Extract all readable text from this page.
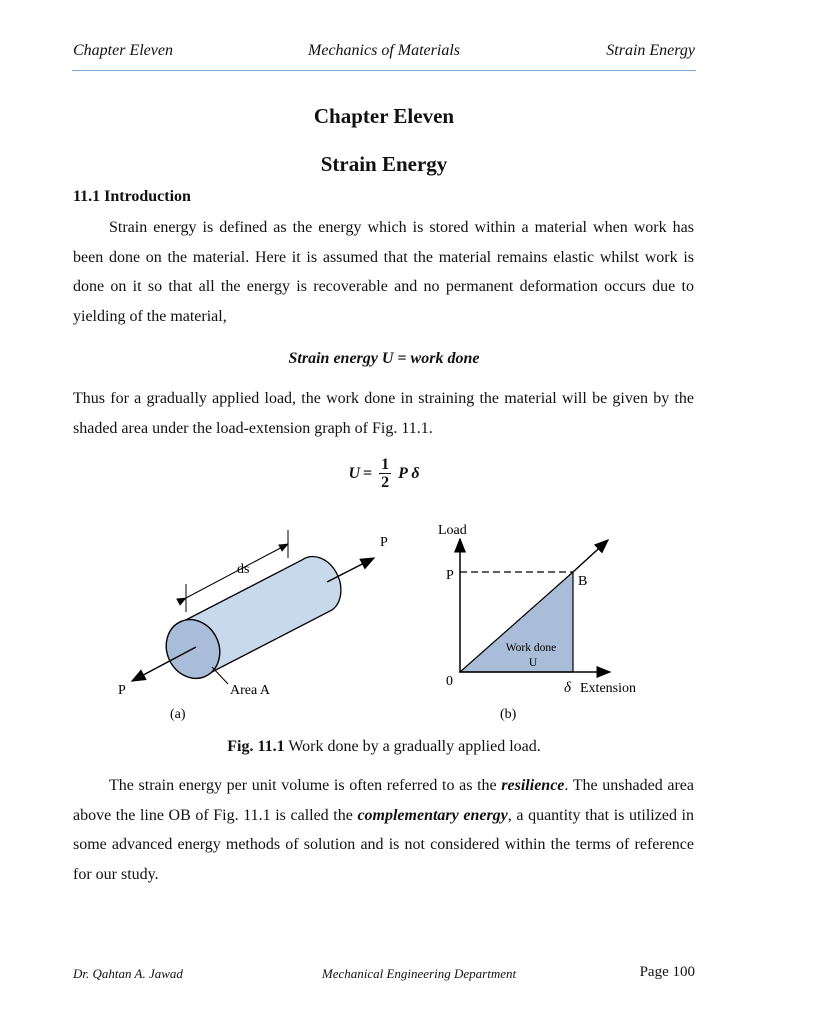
Chapter Eleven	Mechanics of Materials	Strain Energy
Chapter Eleven
Strain Energy
11.1 Introduction

Strain energy is defined as the energy which is stored within a material when work has been done on the material. Here it is assumed that the material remains elastic whilst work is done on it so that all the energy is recoverable and no permanent deformation occurs due to yielding of the material,

Strain energy U = work done

Thus for a gradually applied load, the work done in straining the material will be given by the shaded area under the load-extension graph of Fig. 11.1.

$U = \frac{1}{2}$ P δ
ds
P
P	Area A
(a)
Load
P	B
0
Work done
U
δ Extension
(b)
Fig. 11.1 Work done by a gradually applied load.

The strain energy per unit volume is often referred to as the resilience. The unshaded area above the line OB of Fig. 11.1 is called the complementary energy, a quantity that is utilized in some advanced energy methods of solution and is not considered within the terms of reference for our study.

Dr. Qahtan A. Jawad	Mechanical Engineering Department	Page 100
